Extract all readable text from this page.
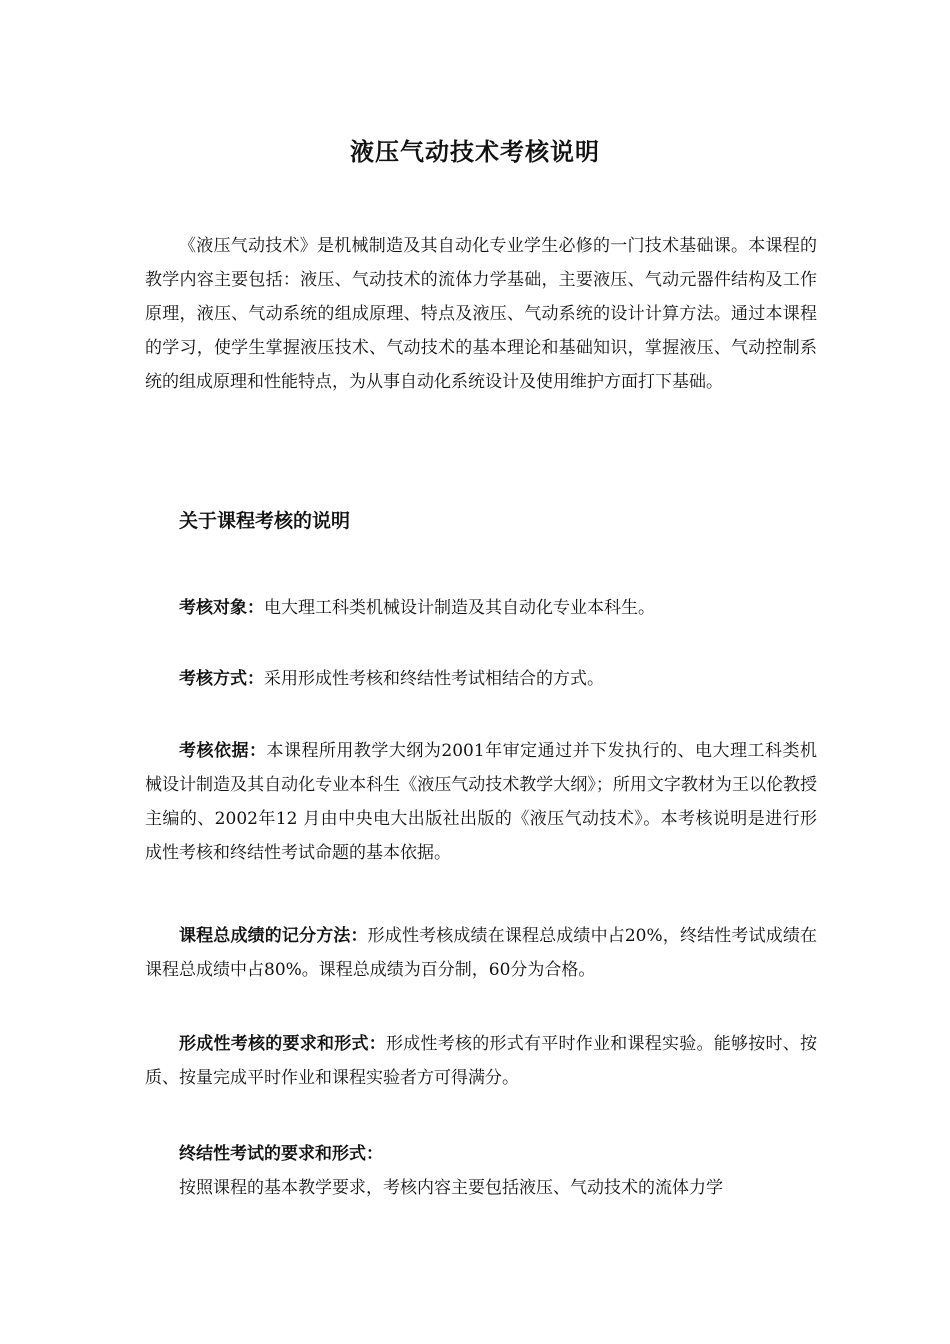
液压气动技术考核说明

《液压气动技术》是机械制造及其自动化专业学生必修的一门技术基础课。本课程的教学内容主要包括：液压、气动技术的流体力学基础，主要液压、气动元器件结构及工作原理，液压、气动系统的组成原理、特点及液压、气动系统的设计计算方法。通过本课程的学习，使学生掌握液压技术、气动技术的基本理论和基础知识，掌握液压、气动控制系统的组成原理和性能特点，为从事自动化系统设计及使用维护方面打下基础。

关于课程考核的说明

考核对象：电大理工科类机械设计制造及其自动化专业本科生。

考核方式：采用形成性考核和终结性考试相结合的方式。

考核依据：本课程所用教学大纲为2001年审定通过并下发执行的、电大理工科类机械设计制造及其自动化专业本科生《液压气动技术教学大纲》；所用文字教材为王以伦教授主编的、2002年12 月由中央电大出版社出版的《液压气动技术》。本考核说明是进行形成性考核和终结性考试命题的基本依据。

课程总成绩的记分方法：形成性考核成绩在课程总成绩中占20%，终结性考试成绩在课程总成绩中占80%。课程总成绩为百分制，60分为合格。

形成性考核的要求和形式：形成性考核的形式有平时作业和课程实验。能够按时、按质、按量完成平时作业和课程实验者方可得满分。

终结性考试的要求和形式：

按照课程的基本教学要求，考核内容主要包括液压、气动技术的流体力学
